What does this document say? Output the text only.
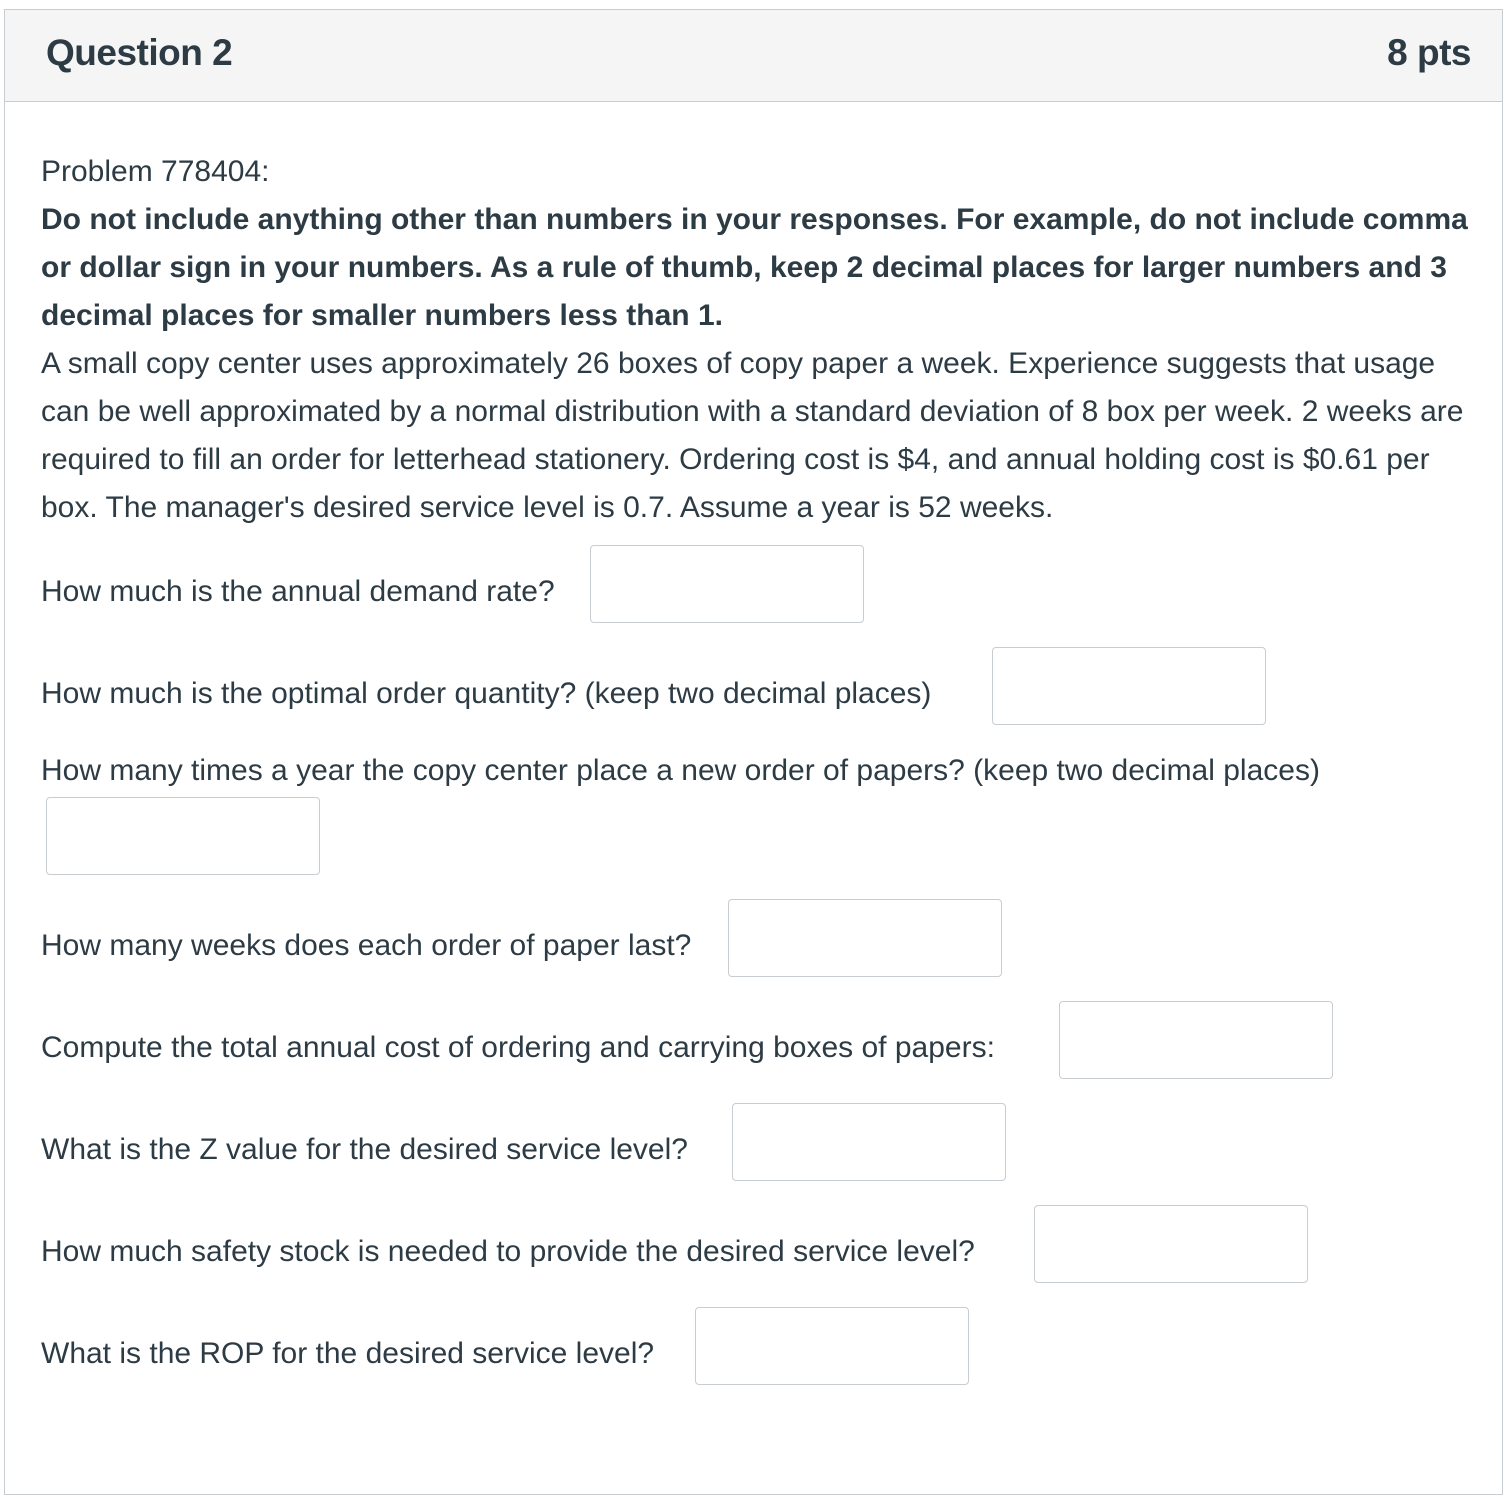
Question 2	8 pts
Problem 778404:
Do not include anything other than numbers in your responses. For example, do not include comma or dollar sign in your numbers. As a rule of thumb, keep 2 decimal places for larger numbers and 3 decimal places for smaller numbers less than 1.
A small copy center uses approximately 26 boxes of copy paper a week. Experience suggests that usage can be well approximated by a normal distribution with a standard deviation of 8 box per week. 2 weeks are required to fill an order for letterhead stationery. Ordering cost is $4, and annual holding cost is $0.61 per box. The manager's desired service level is 0.7. Assume a year is 52 weeks.
How much is the annual demand rate?
How much is the optimal order quantity? (keep two decimal places)
How many times a year the copy center place a new order of papers? (keep two decimal places)
How many weeks does each order of paper last?
Compute the total annual cost of ordering and carrying boxes of papers:
What is the Z value for the desired service level?
How much safety stock is needed to provide the desired service level?
What is the ROP for the desired service level?
